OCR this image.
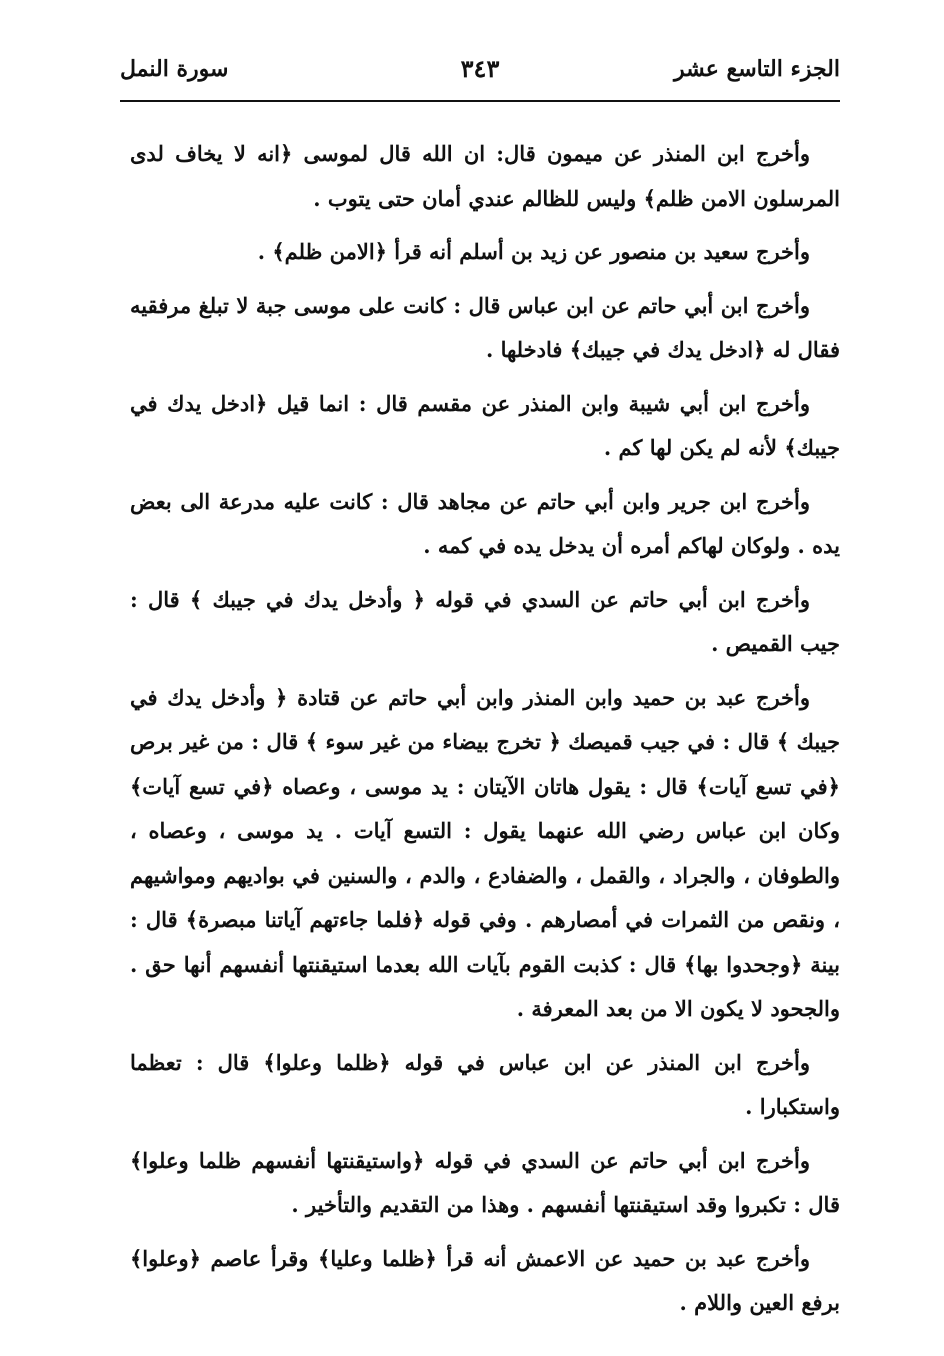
الجزء التاسع عشر
٣٤٣
سورة النمل

وأخرج ابن المنذر عن ميمون قال: ان الله قال لموسى ﴿انه لا يخاف لدى المرسلون الامن ظلم﴾ وليس للظالم عندي أمان حتى يتوب .

وأخرج سعيد بن منصور عن زيد بن أسلم أنه قرأ ﴿الامن ظلم﴾ .

وأخرج ابن أبي حاتم عن ابن عباس قال : كانت على موسى جبة لا تبلغ مرفقيه فقال له ﴿ادخل يدك في جيبك﴾ فادخلها .

وأخرج ابن أبي شيبة وابن المنذر عن مقسم قال : انما قيل ﴿ادخل يدك في جيبك﴾ لأنه لم يكن لها كم .

وأخرج ابن جرير وابن أبي حاتم عن مجاهد قال : كانت عليه مدرعة الى بعض يده . ولوكان لهاكم أمره أن يدخل يده في كمه .

وأخرج ابن أبي حاتم عن السدي في قوله ﴿ وأدخل يدك في جيبك ﴾ قال : جيب القميص .

وأخرج عبد بن حميد وابن المنذر وابن أبي حاتم عن قتادة ﴿ وأدخل يدك في جيبك ﴾ قال : في جيب قميصك ﴿ تخرج بيضاء من غير سوء ﴾ قال : من غير برص ﴿في تسع آيات﴾ قال : يقول هاتان الآيتان : يد موسى ، وعصاه ﴿في تسع آيات﴾ وكان ابن عباس رضي الله عنهما يقول : التسع آيات . يد موسى ، وعصاه ، والطوفان ، والجراد ، والقمل ، والضفادع ، والدم ، والسنين في بواديهم ومواشيهم ، ونقص من الثمرات في أمصارهم . وفي قوله ﴿فلما جاءتهم آياتنا مبصرة﴾ قال : بينة ﴿وجحدوا بها﴾ قال : كذبت القوم بآيات الله بعدما استيقنتها أنفسهم أنها حق . والجحود لا يكون الا من بعد المعرفة .

وأخرج ابن المنذر عن ابن عباس في قوله ﴿ظلما وعلوا﴾ قال : تعظما واستكبارا .

وأخرج ابن أبي حاتم عن السدي في قوله ﴿واستيقنتها أنفسهم ظلما وعلوا﴾ قال : تكبروا وقد استيقنتها أنفسهم . وهذا من التقديم والتأخير .

وأخرج عبد بن حميد عن الاعمش أنه قرأ ﴿ظلما وعليا﴾ وقرأ عاصم ﴿وعلوا﴾ برفع العين واللام .
